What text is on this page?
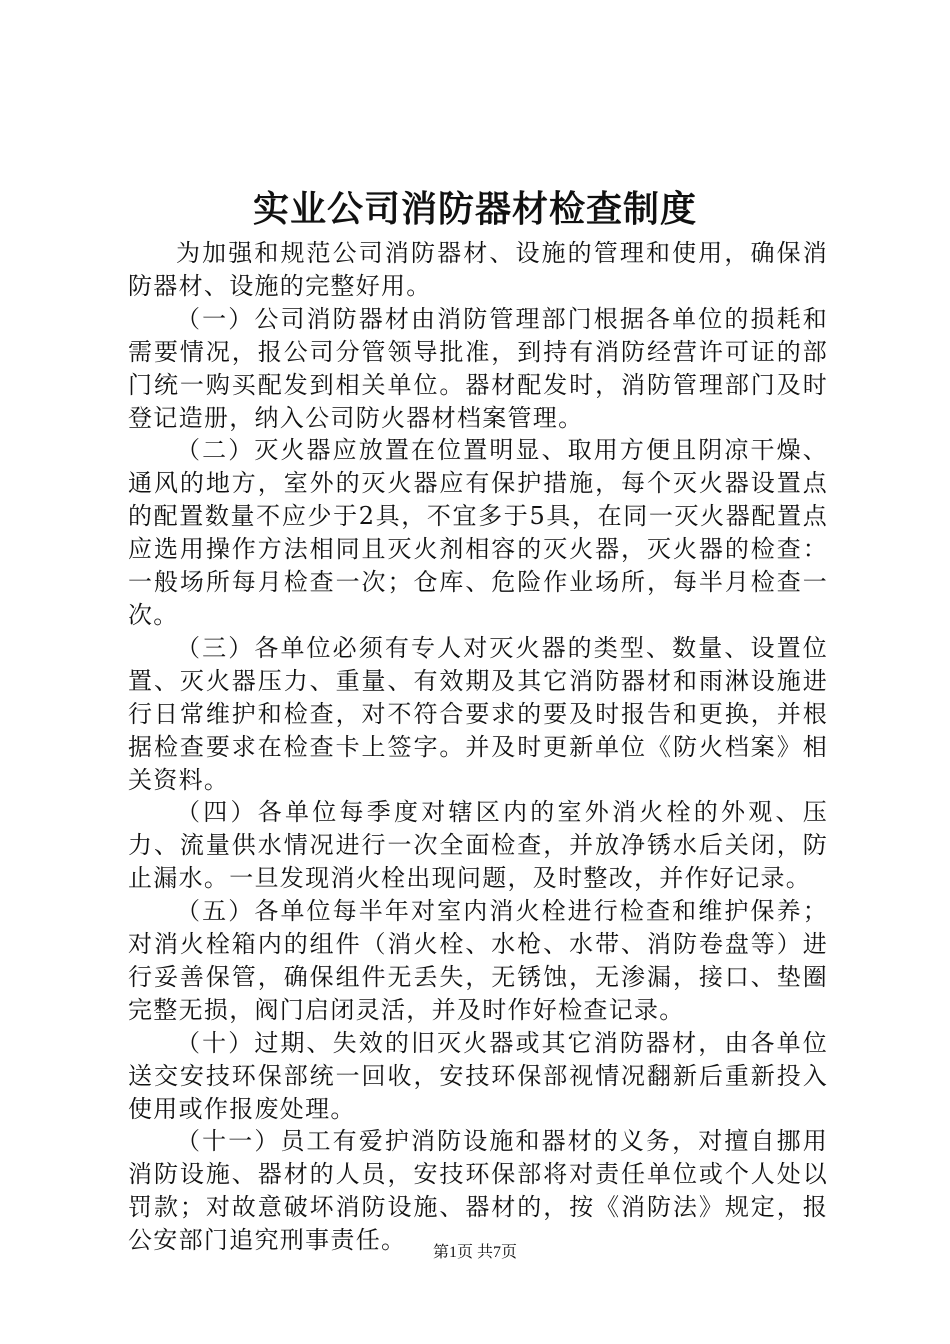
实业公司消防器材检查制度

为加强和规范公司消防器材、设施的管理和使用，确保消防器材、设施的完整好用。

（一）公司消防器材由消防管理部门根据各单位的损耗和需要情况，报公司分管领导批准，到持有消防经营许可证的部门统一购买配发到相关单位。器材配发时，消防管理部门及时登记造册，纳入公司防火器材档案管理。

（二）灭火器应放置在位置明显、取用方便且阴凉干燥、通风的地方，室外的灭火器应有保护措施，每个灭火器设置点的配置数量不应少于2具，不宜多于5具，在同一灭火器配置点应选用操作方法相同且灭火剂相容的灭火器，灭火器的检查：一般场所每月检查一次；仓库、危险作业场所，每半月检查一次。

（三）各单位必须有专人对灭火器的类型、数量、设置位置、灭火器压力、重量、有效期及其它消防器材和雨淋设施进行日常维护和检查，对不符合要求的要及时报告和更换，并根据检查要求在检查卡上签字。并及时更新单位《防火档案》相关资料。

（四）各单位每季度对辖区内的室外消火栓的外观、压力、流量供水情况进行一次全面检查，并放净锈水后关闭，防止漏水。一旦发现消火栓出现问题，及时整改，并作好记录。

（五）各单位每半年对室内消火栓进行检查和维护保养；对消火栓箱内的组件（消火栓、水枪、水带、消防卷盘等）进行妥善保管，确保组件无丢失，无锈蚀，无渗漏，接口、垫圈完整无损，阀门启闭灵活，并及时作好检查记录。

（十）过期、失效的旧灭火器或其它消防器材，由各单位送交安技环保部统一回收，安技环保部视情况翻新后重新投入使用或作报废处理。

（十一）员工有爱护消防设施和器材的义务，对擅自挪用消防设施、器材的人员，安技环保部将对责任单位或个人处以罚款；对故意破坏消防设施、器材的，按《消防法》规定，报公安部门追究刑事责任。	第1页 共7页
